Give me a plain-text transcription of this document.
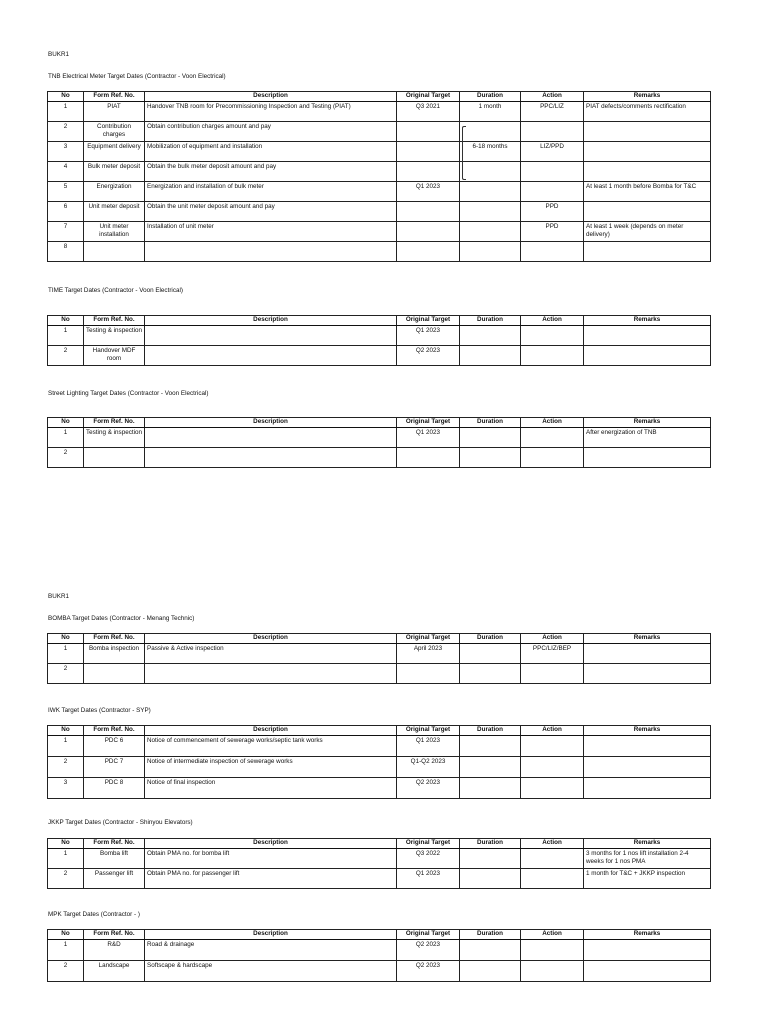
BUKR1
TNB Electrical Meter Target Dates (Contractor - Voon Electrical)
No	Form Ref. No.	Description	Original Target	Duration	Action	Remarks
1	PIAT	Handover TNB room for Precommissioning Inspection and Testing (PIAT)	Q3 2021	1 month	PPC/LIZ	PIAT defects/comments rectification
2	Contribution charges	Obtain contribution charges amount and pay				
3	Equipment delivery	Mobilization of equipment and installation		6-18 months	LIZ/PPD	
4	Bulk meter deposit	Obtain the bulk meter deposit amount and pay				
5	Energization	Energization and installation of bulk meter	Q1 2023			At least 1 month before Bomba for T&C
6	Unit meter deposit	Obtain the unit meter deposit amount and pay			PPD	
7	Unit meter installation	Installation of unit meter			PPD	At least 1 week (depends on meter delivery)
8						
TIME Target Dates (Contractor - Voon Electrical)
No	Form Ref. No.	Description	Original Target	Duration	Action	Remarks
1	Testing & inspection		Q1 2023			
2	Handover MDF room		Q2 2023			
Street Lighting Target Dates (Contractor - Voon Electrical)
No	Form Ref. No.	Description	Original Target	Duration	Action	Remarks
1	Testing & inspection		Q1 2023			After energization of TNB
2						
BUKR1
BOMBA Target Dates (Contractor - Menang Technic)
No	Form Ref. No.	Description	Original Target	Duration	Action	Remarks
1	Bomba inspection	Passive & Active inspection	April 2023		PPC/LIZ/BEP	
2						
IWK Target Dates (Contractor - SYP)
No	Form Ref. No.	Description	Original Target	Duration	Action	Remarks
1	PDC 6	Notice of commencement of sewerage works/septic tank works	Q1 2023			
2	PDC 7	Notice of intermediate inspection of sewerage works	Q1-Q2 2023			
3	PDC 8	Notice of final inspection	Q2 2023			
JKKP Target Dates (Contractor - Shinyou Elevators)
No	Form Ref. No.	Description	Original Target	Duration	Action	Remarks
1	Bomba lift	Obtain PMA no. for bomba lift	Q3 2022			3 months for 1 nos lift installation 2-4 weeks for 1 nos PMA
2	Passenger lift	Obtain PMA no. for passenger lift	Q1 2023			1 month for T&C + JKKP inspection
MPK Target Dates (Contractor - )
No	Form Ref. No.	Description	Original Target	Duration	Action	Remarks
1	R&D	Road & drainage	Q2 2023			
2	Landscape	Softscape & hardscape	Q2 2023			
